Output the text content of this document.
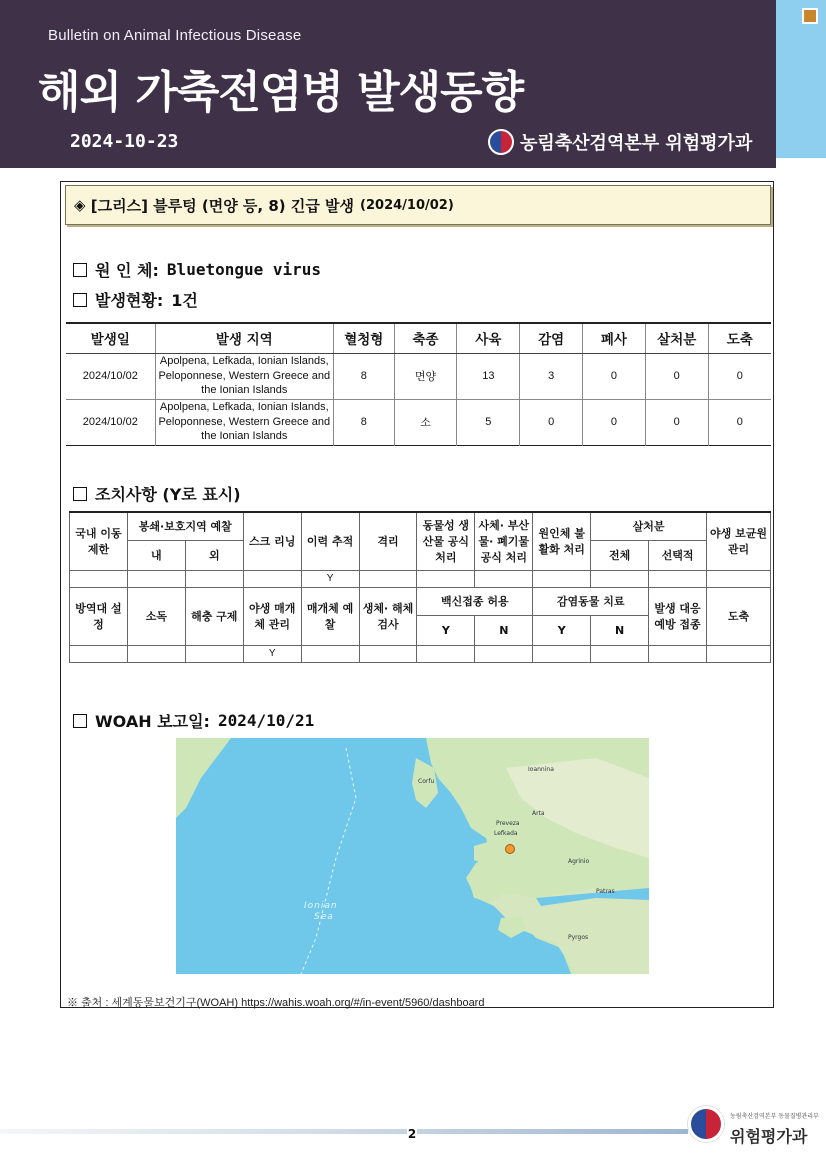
Bulletin on Animal Infectious Disease
해외 가축전염병 발생동향
2024-10-23	농림축산검역본부 위험평가과
◈ [그리스] 블루텅 (면양 등, 8) 긴급 발생 (2024/10/02)
원 인 체: Bluetongue virus
발생현황: 1건
발생일	발생 지역	혈청형	축종	사육	감염	폐사	살처분	도축
2024/10/02	Apolpena, Lefkada, Ionian Islands, Peloponnese, Western Greece and the Ionian Islands	8	면양	13	3	0	0	0
2024/10/02	Apolpena, Lefkada, Ionian Islands, Peloponnese, Western Greece and the Ionian Islands	8	소	5	0	0	0	0
조치사항 (Y로 표시)
국내 이동 제한	봉쇄·보호지역 예찰		스크 리닝	이력 추적	격리	동물성 생산물 공식 처리	사체· 부산물· 폐기물 공식 처리	원인체 불활화 처리	살처분		야생 보균원 관리
	내	외							전체	선택적	
				Y							
방역대 설정	소독	해충 구제	야생 매개체 관리	매개체 예찰	생체· 해체 검사	백신접종 허용		감염동물 치료		발생 대응 예방 접종	도축
						Y	N	Y	N		
			Y								
WOAH 보고일: 2024/10/21
Ionian
Sea
Corfu
Lefkada
Preveza
Arta
Ioannina
Agrinio
Patras
Pyrgos
※ 출처 : 세계동물보건기구(WOAH) https://wahis.woah.org/#/in-event/5960/dashboard
2
농림축산검역본부 동물질병관리부
위험평가과
